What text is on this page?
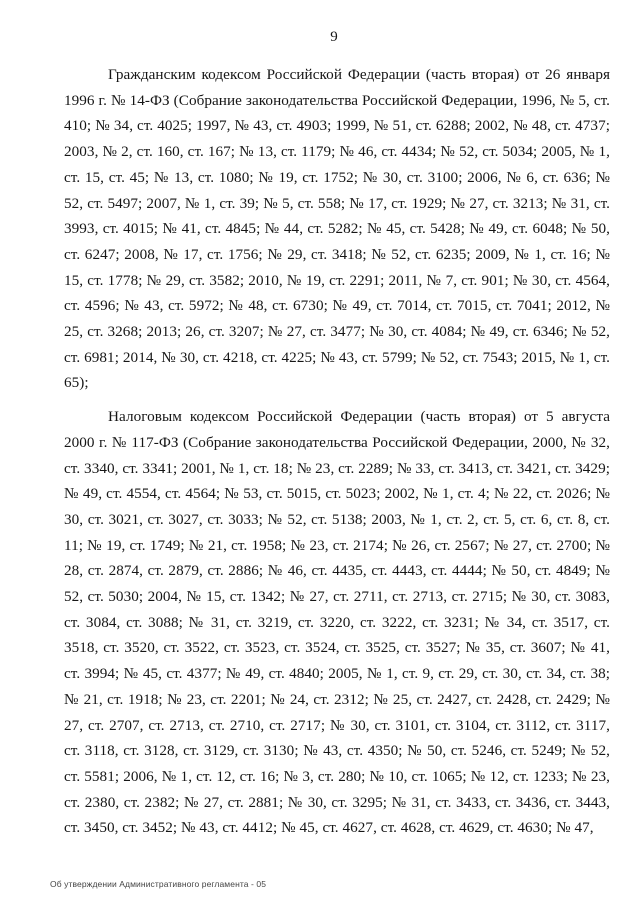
9

Гражданским кодексом Российской Федерации (часть вторая) от 26 января 1996 г. № 14-ФЗ (Собрание законодательства Российской Федерации, 1996, № 5, ст. 410; № 34, ст. 4025; 1997, № 43, ст. 4903; 1999, № 51, ст. 6288; 2002, № 48, ст. 4737; 2003, № 2, ст. 160, ст. 167; № 13, ст. 1179; № 46, ст. 4434; № 52, ст. 5034; 2005, № 1, ст. 15, ст. 45; № 13, ст. 1080; № 19, ст. 1752; № 30, ст. 3100; 2006, № 6, ст. 636; № 52, ст. 5497; 2007, № 1, ст. 39; № 5, ст. 558; № 17, ст. 1929; № 27, ст. 3213; № 31, ст. 3993, ст. 4015; № 41, ст. 4845; № 44, ст. 5282; № 45, ст. 5428; № 49, ст. 6048; № 50, ст. 6247; 2008, № 17, ст. 1756; № 29, ст. 3418; № 52, ст. 6235; 2009, № 1, ст. 16; № 15, ст. 1778; № 29, ст. 3582; 2010, № 19, ст. 2291; 2011, № 7, ст. 901; № 30, ст. 4564, ст. 4596; № 43, ст. 5972; № 48, ст. 6730; № 49, ст. 7014, ст. 7015, ст. 7041; 2012, № 25, ст. 3268; 2013; 26, ст. 3207; № 27, ст. 3477; № 30, ст. 4084; № 49, ст. 6346; № 52, ст. 6981; 2014, № 30, ст. 4218, ст. 4225; № 43, ст. 5799; № 52, ст. 7543; 2015, № 1, ст. 65);

Налоговым кодексом Российской Федерации (часть вторая) от 5 августа 2000 г. № 117-ФЗ (Собрание законодательства Российской Федерации, 2000, № 32, ст. 3340, ст. 3341; 2001, № 1, ст. 18; № 23, ст. 2289; № 33, ст. 3413, ст. 3421, ст. 3429; № 49, ст. 4554, ст. 4564; № 53, ст. 5015, ст. 5023; 2002, № 1, ст. 4; № 22, ст. 2026; № 30, ст. 3021, ст. 3027, ст. 3033; № 52, ст. 5138; 2003, № 1, ст. 2, ст. 5, ст. 6, ст. 8, ст. 11; № 19, ст. 1749; № 21, ст. 1958; № 23, ст. 2174; № 26, ст. 2567; № 27, ст. 2700; № 28, ст. 2874, ст. 2879, ст. 2886; № 46, ст. 4435, ст. 4443, ст. 4444; № 50, ст. 4849; № 52, ст. 5030; 2004, № 15, ст. 1342; № 27, ст. 2711, ст. 2713, ст. 2715; № 30, ст. 3083, ст. 3084, ст. 3088; № 31, ст. 3219, ст. 3220, ст. 3222, ст. 3231; № 34, ст. 3517, ст. 3518, ст. 3520, ст. 3522, ст. 3523, ст. 3524, ст. 3525, ст. 3527; № 35, ст. 3607; № 41, ст. 3994; № 45, ст. 4377; № 49, ст. 4840; 2005, № 1, ст. 9, ст. 29, ст. 30, ст. 34, ст. 38; № 21, ст. 1918; № 23, ст. 2201; № 24, ст. 2312; № 25, ст. 2427, ст. 2428, ст. 2429; № 27, ст. 2707, ст. 2713, ст. 2710, ст. 2717; № 30, ст. 3101, ст. 3104, ст. 3112, ст. 3117, ст. 3118, ст. 3128, ст. 3129, ст. 3130; № 43, ст. 4350; № 50, ст. 5246, ст. 5249; № 52, ст. 5581; 2006, № 1, ст. 12, ст. 16; № 3, ст. 280; № 10, ст. 1065; № 12, ст. 1233; № 23, ст. 2380, ст. 2382; № 27, ст. 2881; № 30, ст. 3295; № 31, ст. 3433, ст. 3436, ст. 3443, ст. 3450, ст. 3452; № 43, ст. 4412; № 45, ст. 4627, ст. 4628, ст. 4629, ст. 4630; № 47,

Об утверждении Административного регламента - 05
